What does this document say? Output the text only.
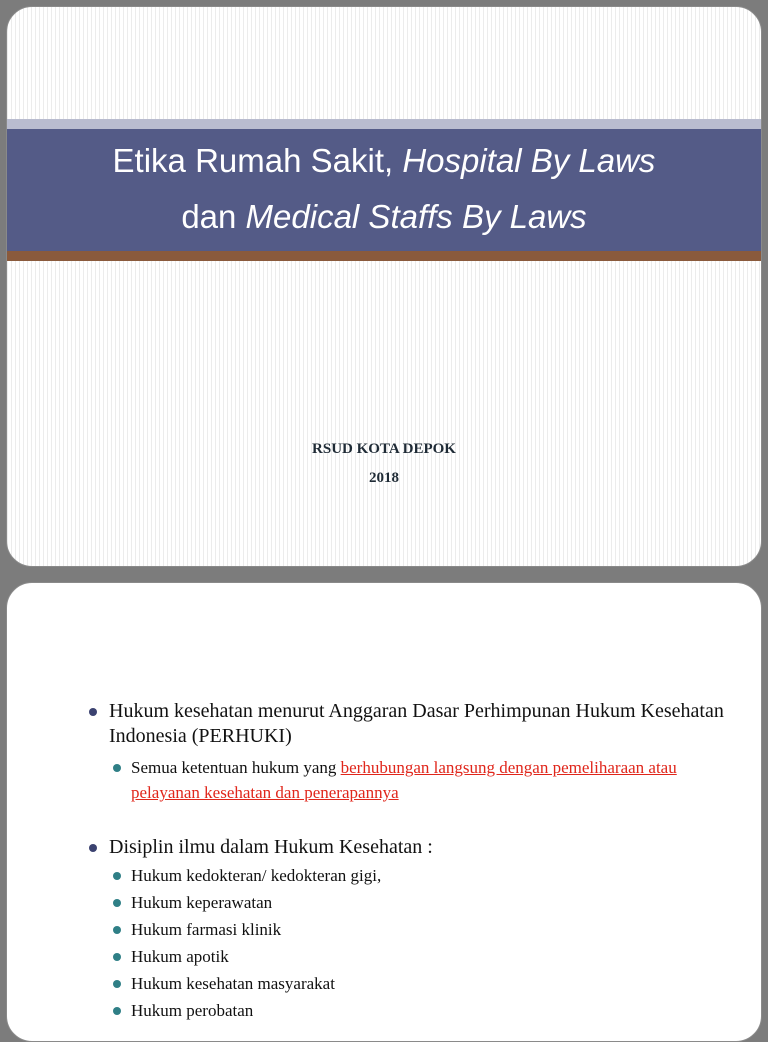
Etika Rumah Sakit, Hospital By Laws
dan Medical Staffs By Laws
RSUD KOTA DEPOK
2018
Hukum kesehatan menurut Anggaran Dasar Perhimpunan Hukum Kesehatan Indonesia (PERHUKI)
Semua ketentuan hukum yang berhubungan langsung dengan pemeliharaan atau pelayanan kesehatan dan penerapannya
Disiplin ilmu dalam Hukum Kesehatan :
Hukum kedokteran/ kedokteran gigi,
Hukum keperawatan
Hukum farmasi klinik
Hukum apotik
Hukum kesehatan masyarakat
Hukum perobatan
